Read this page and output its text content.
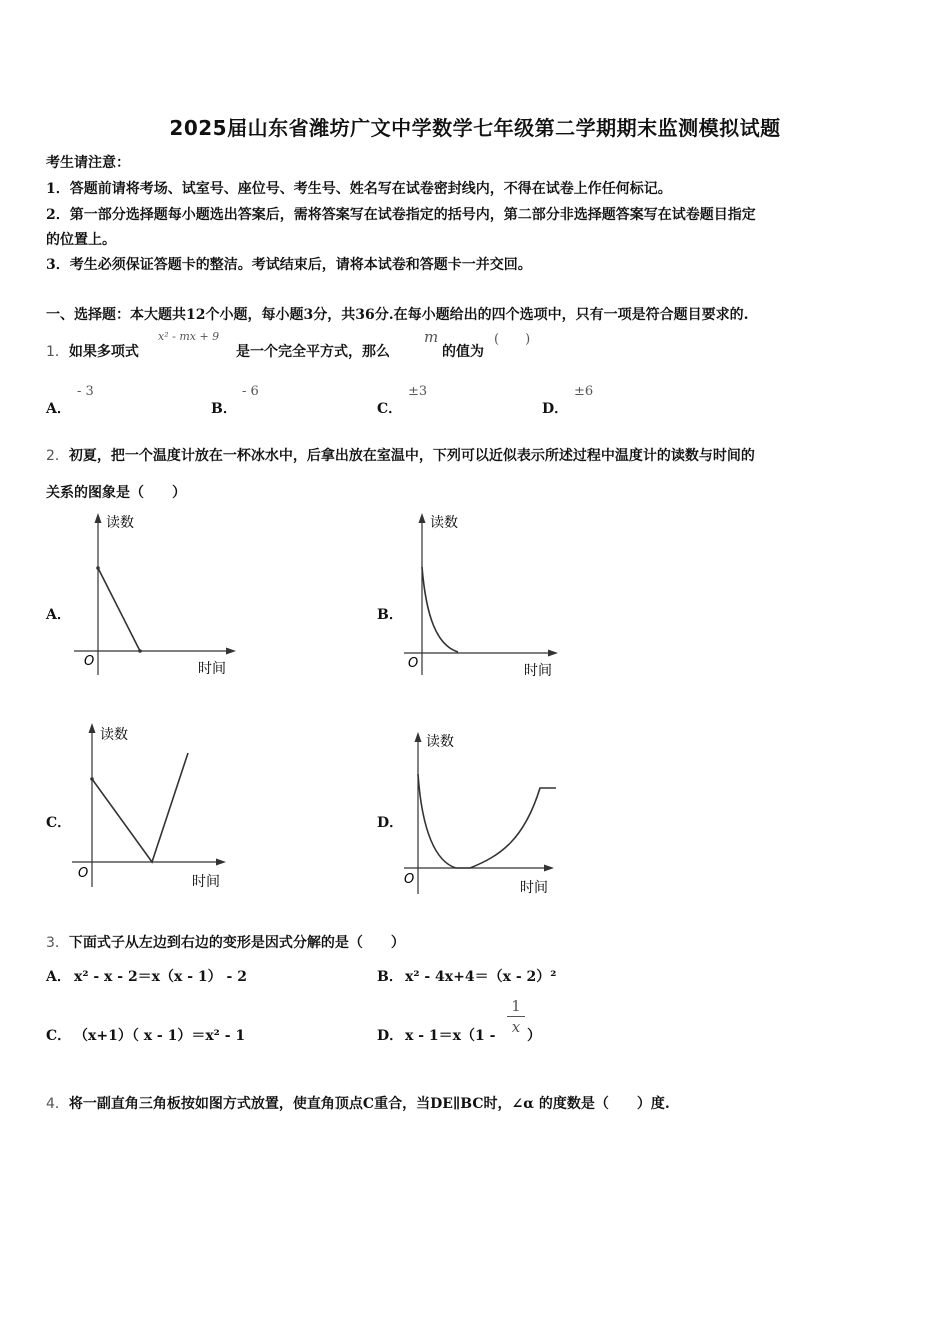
2025届山东省潍坊广文中学数学七年级第二学期期末监测模拟试题
考生请注意：
1．答题前请将考场、试室号、座位号、考生号、姓名写在试卷密封线内，不得在试卷上作任何标记。
2．第一部分选择题每小题选出答案后，需将答案写在试卷指定的括号内，第二部分非选择题答案写在试卷题目指定
的位置上。
3．考生必须保证答题卡的整洁。考试结束后，请将本试卷和答题卡一并交回。
一、选择题：本大题共12个小题，每小题3分，共36分.在每小题给出的四个选项中，只有一项是符合题目要求的.
1．如果多项式
x² - mx + 9
是一个完全平方式，那么
m
的值为
(　　)
A．
- 3
B．
- 6
C．
±3
D．
±6
2．初夏，把一个温度计放在一杯冰水中，后拿出放在室温中，下列可以近似表示所述过程中温度计的读数与时间的
关系的图象是（　　）
A．
读数
O	时间
B．
读数
O	时间
C．
读数
O
时间
D．
读数
O
时间
3．下面式子从左边到右边的变形是因式分解的是（　　）
A． x² - x - 2＝x（x - 1） - 2	B． x² - 4x+4＝（x - 2）²
C． （x+1）（ x - 1）＝x² - 1	D． x - 1＝x（1 -
1
x ）
4．将一副直角三角板按如图方式放置，使直角顶点C重合，当DE∥BC时，∠α 的度数是（　　）度.
